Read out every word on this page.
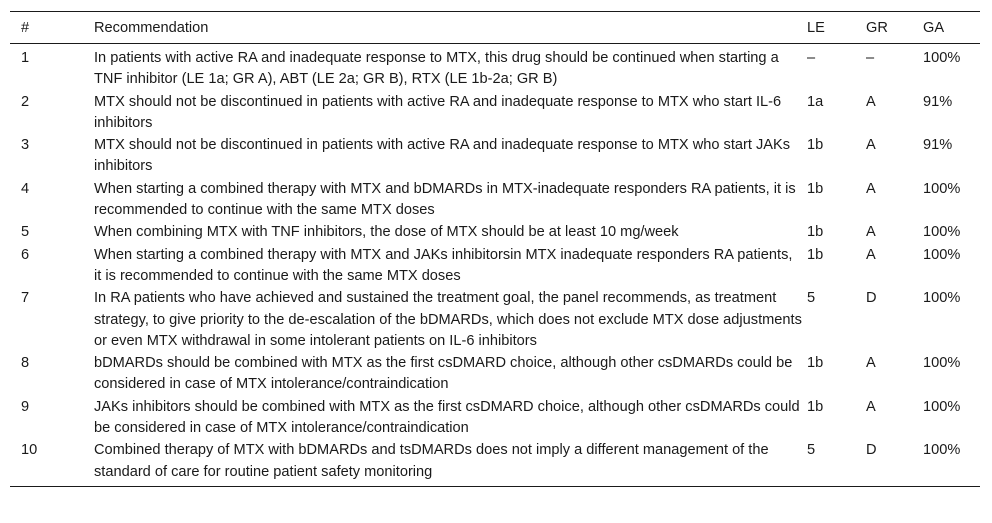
#	Recommendation	LE	GR	GA
1	In patients with active RA and inadequate response to MTX, this drug should be continued when starting a TNF inhibitor (LE 1a; GR A), ABT (LE 2a; GR B), RTX (LE 1b-2a; GR B)	–	–	100%
2	MTX should not be discontinued in patients with active RA and inadequate response to MTX who start IL-6 inhibitors	1a	A	91%
3	MTX should not be discontinued in patients with active RA and inadequate response to MTX who start JAKs inhibitors	1b	A	91%
4	When starting a combined therapy with MTX and bDMARDs in MTX-inadequate responders RA patients, it is recommended to continue with the same MTX doses	1b	A	100%
5	When combining MTX with TNF inhibitors, the dose of MTX should be at least 10 mg/week	1b	A	100%
6	When starting a combined therapy with MTX and JAKs inhibitorsin MTX inadequate responders RA patients, it is recommended to continue with the same MTX doses	1b	A	100%
7	In RA patients who have achieved and sustained the treatment goal, the panel recommends, as treatment strategy, to give priority to the de-escalation of the bDMARDs, which does not exclude MTX dose adjustments or even MTX withdrawal in some intolerant patients on IL-6 inhibitors	5	D	100%
8	bDMARDs should be combined with MTX as the first csDMARD choice, although other csDMARDs could be considered in case of MTX intolerance/contraindication	1b	A	100%
9	JAKs inhibitors should be combined with MTX as the first csDMARD choice, although other csDMARDs could be considered in case of MTX intolerance/contraindication	1b	A	100%
10	Combined therapy of MTX with bDMARDs and tsDMARDs does not imply a different management of the standard of care for routine patient safety monitoring	5	D	100%
